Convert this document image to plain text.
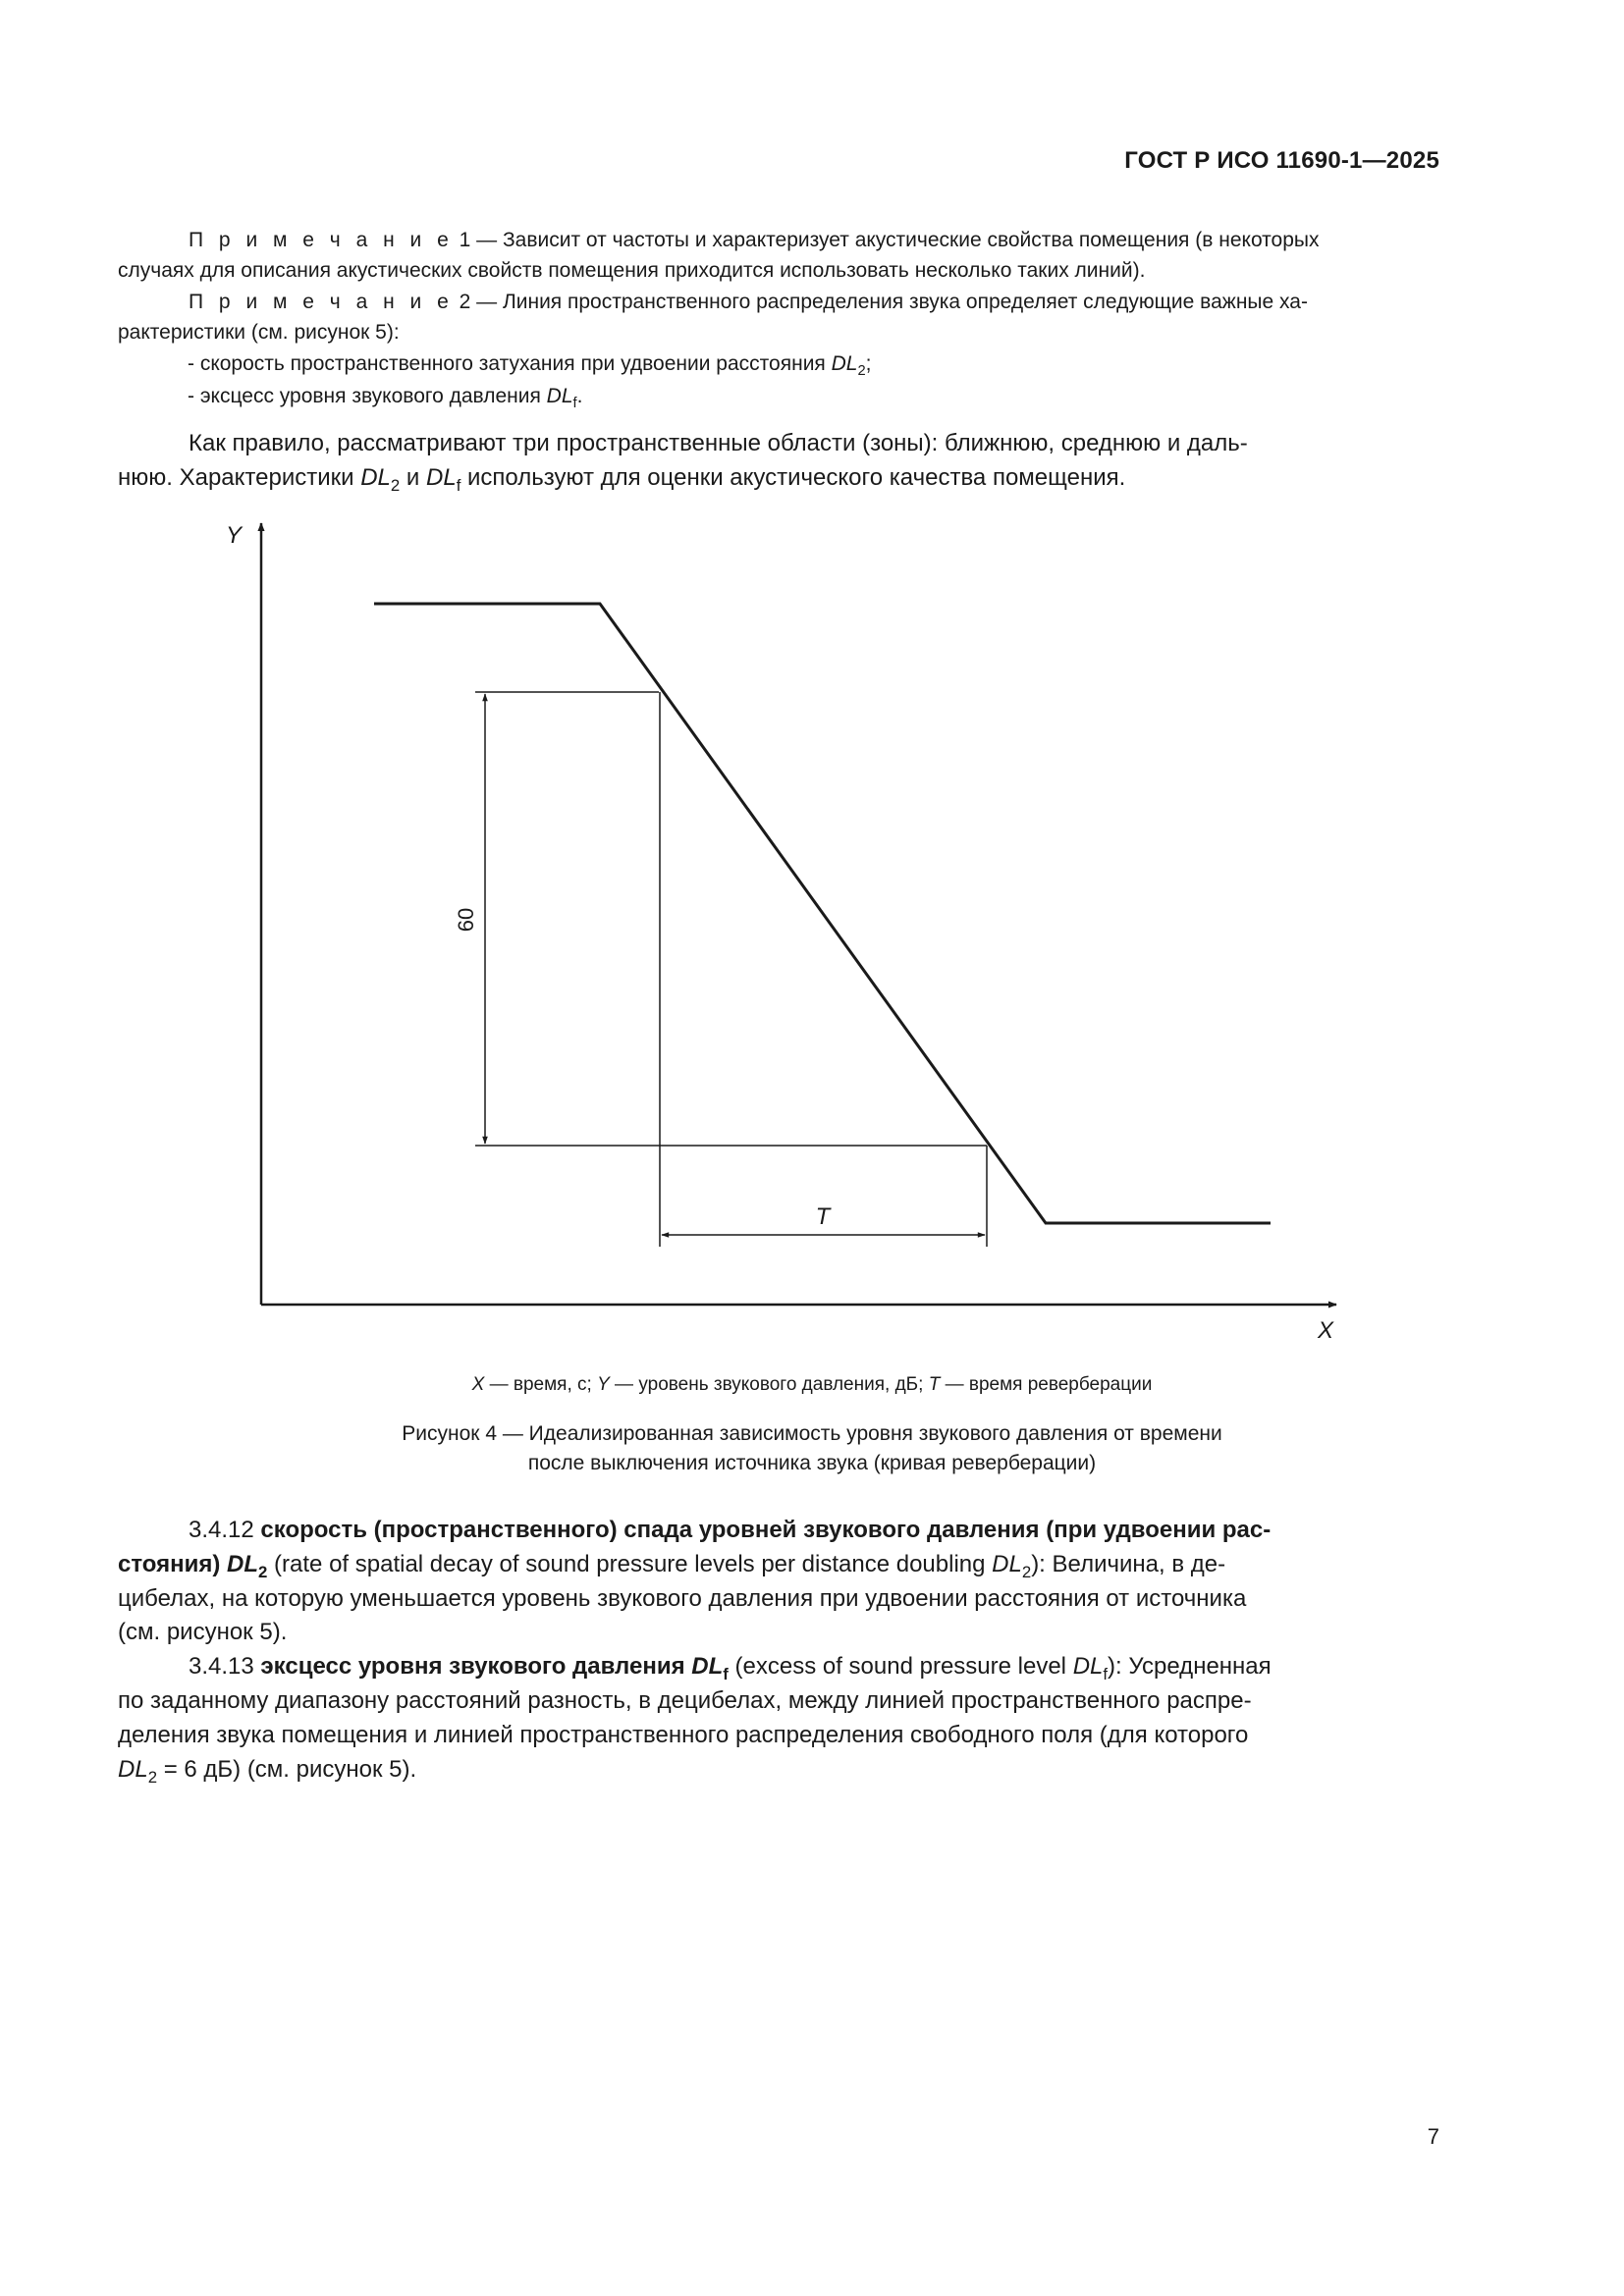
ГОСТ Р ИСО 11690-1—2025

П р и м е ч а н и е 1 — Зависит от частоты и характеризует акустические свойства помещения (в некоторых

случаях для описания акустических свойств помещения приходится использовать несколько таких линий).

П р и м е ч а н и е 2 — Линия пространственного распределения звука определяет следующие важные ха-

рактеристики (см. рисунок 5):

- скорость пространственного затухания при удвоении расстояния $DL_2$;

- эксцесс уровня звукового давления $DL_f$.

Как правило, рассматривают три пространственные области (зоны): ближнюю, среднюю и даль-

нюю. Характеристики $DL_2$ и $DL_f$ используют для оценки акустического качества помещения.

Y
X
60
T
X — время, с; Y — уровень звукового давления, дБ; T — время реверберации
Рисунок 4 — Идеализированная зависимость уровня звукового давления от времени
после выключения источника звука (кривая реверберации)

3.4.12 скорость (пространственного) спада уровней звукового давления (при удвоении рас-

стояния) $DL_2$ (rate of spatial decay of sound pressure levels per distance doubling $DL_2$): Величина, в де-

цибелах, на которую уменьшается уровень звукового давления при удвоении расстояния от источника

(см. рисунок 5).

3.4.13 эксцесс уровня звукового давления $DL_f$ (excess of sound pressure level $DL_f$): Усредненная

по заданному диапазону расстояний разность, в децибелах, между линией пространственного распре-

деления звука помещения и линией пространственного распределения свободного поля (для которого

$DL_2 = 6$ дБ) (см. рисунок 5).

7
